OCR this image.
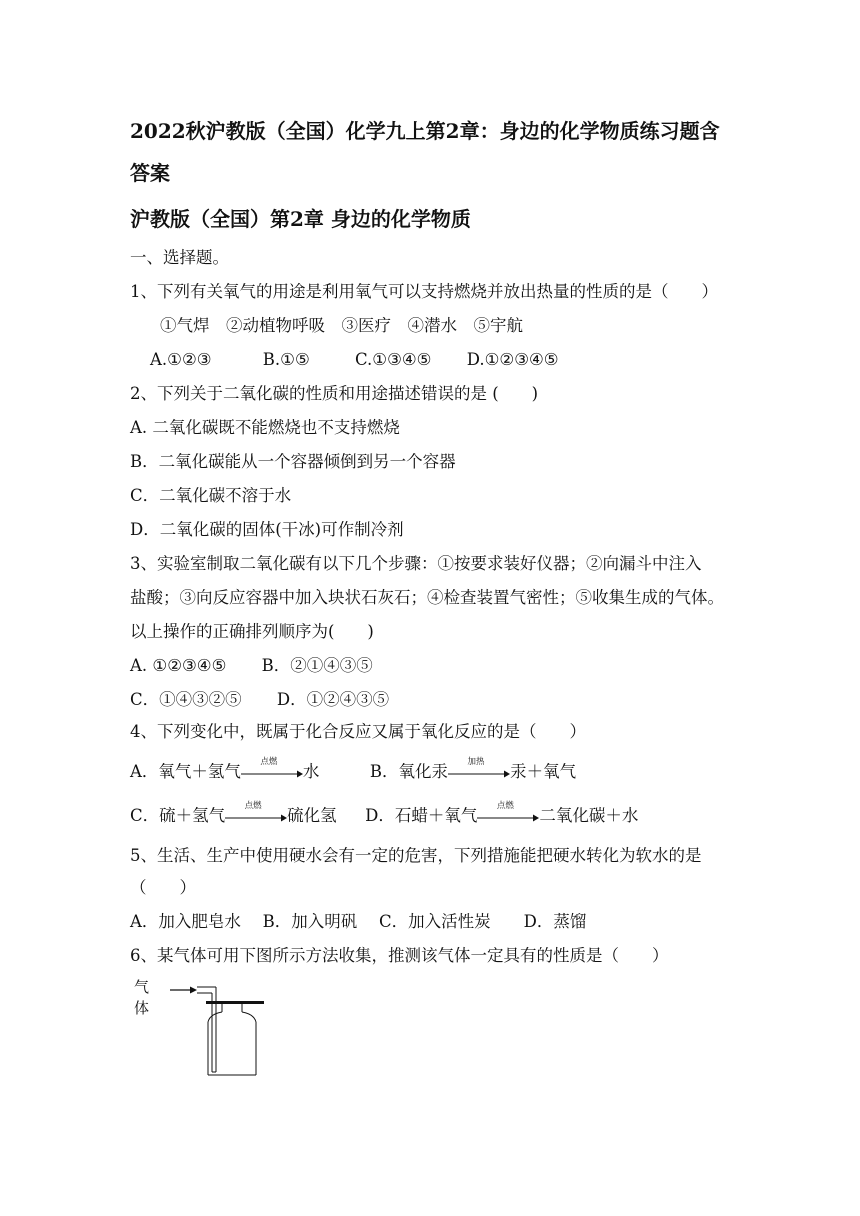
2022秋沪教版（全国）化学九上第2章：身边的化学物质练习题含
答案
沪教版（全国）第2章 身边的化学物质
一、选择题。
1、下列有关氧气的用途是利用氧气可以支持燃烧并放出热量的性质的是（　　）
①气焊　②动植物呼吸　③医疗　④潜水　⑤宇航
A.①②③	B.①⑤	C.①③④⑤ D.①②③④⑤
2、下列关于二氧化碳的性质和用途描述错误的是 (　　)
A. 二氧化碳既不能燃烧也不支持燃烧
B．二氧化碳能从一个容器倾倒到另一个容器
C．二氧化碳不溶于水
D．二氧化碳的固体(干冰)可作制冷剂
3、实验室制取二氧化碳有以下几个步骤：①按要求装好仪器；②向漏斗中注入
盐酸；③向反应容器中加入块状石灰石；④检查装置气密性；⑤收集生成的气体。
以上操作的正确排列顺序为(　　)
A. ①②③④⑤ B．②①④③⑤
C．①④③②⑤ D．①②④③⑤
4、下列变化中，既属于化合反应又属于氧化反应的是（　　）
A．氧气＋氢气
点燃
水	B．氧化汞
加热
汞＋氧气
C．硫＋氢气
点燃
硫化氢 D．石蜡＋氧气
点燃
二氧化碳＋水
5、生活、生产中使用硬水会有一定的危害，下列措施能把硬水转化为软水的是
（　　）
A．加入肥皂水　 B．加入明矾　 C．加入活性炭　　D．蒸馏
6、某气体可用下图所示方法收集，推测该气体一定具有的性质是（　　）
气体
